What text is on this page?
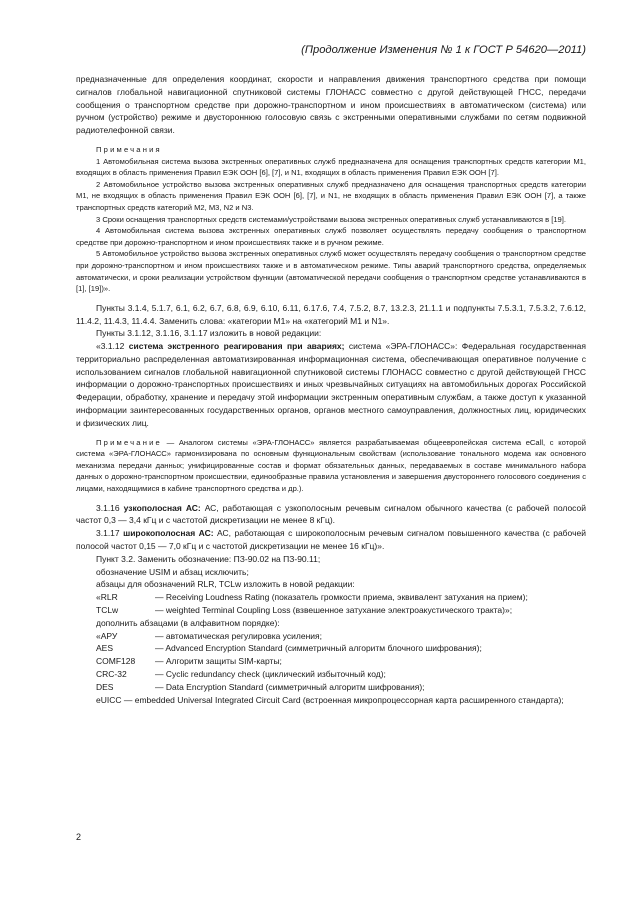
(Продолжение Изменения № 1 к ГОСТ Р 54620—2011)

предназначенные для определения координат, скорости и направления движения транспортного средства при помощи сигналов глобальной навигационной спутниковой системы ГЛОНАСС совместно с другой действующей ГНСС, передачи сообщения о транспортном средстве при дорожно-транспортном и ином происшествиях в автоматическом (система) или ручном (устройство) режиме и двустороннюю голосовую связь с экстренными оперативными службами по сетям подвижной радиотелефонной связи.

Примечания

1 Автомобильная система вызова экстренных оперативных служб предназначена для оснащения транспортных средств категории М1, входящих в область применения Правил ЕЭК ООН [6], [7], и N1, входящих в область применения Правил ЕЭК ООН [7].

2 Автомобильное устройство вызова экстренных оперативных служб предназначено для оснащения транспортных средств категории М1, не входящих в область применения Правил ЕЭК ООН [6], [7], и N1, не входящих в область применения Правил ЕЭК ООН [7], а также транспортных средств категорий М2, М3, N2 и N3.

3 Сроки оснащения транспортных средств системами/устройствами вызова экстренных оперативных служб устанавливаются в [19].

4 Автомобильная система вызова экстренных оперативных служб позволяет осуществлять передачу сообщения о транспортном средстве при дорожно-транспортном и ином происшествиях также и в ручном режиме.

5 Автомобильное устройство вызова экстренных оперативных служб может осуществлять передачу сообщения о транспортном средстве при дорожно-транспортном и ином происшествиях также и в автоматическом режиме. Типы аварий транспортного средства, определяемых автоматически, и сроки реализации устройством функции (автоматической передачи сообщения о транспортном средстве устанавливаются в [1], [19])».

Пункты 3.1.4, 5.1.7, 6.1, 6.2, 6.7, 6.8, 6.9, 6.10, 6.11, 6.17.6, 7.4, 7.5.2, 8.7, 13.2.3, 21.1.1 и подпункты 7.5.3.1, 7.5.3.2, 7.6.12, 11.4.2, 11.4.3, 11.4.4. Заменить слова: «категории М1» на «категорий М1 и N1».

Пункты 3.1.12, 3.1.16, 3.1.17 изложить в новой редакции:

«3.1.12 система экстренного реагирования при авариях; система «ЭРА-ГЛОНАСС»: Федеральная государственная территориально распределенная автоматизированная информационная система, обеспечивающая оперативное получение с использованием сигналов глобальной навигационной спутниковой системы ГЛОНАСС совместно с другой действующей ГНСС информации о дорожно-транспортных происшествиях и иных чрезвычайных ситуациях на автомобильных дорогах Российской Федерации, обработку, хранение и передачу этой информации экстренным оперативным службам, а также доступ к указанной информации заинтересованных государственных органов, органов местного самоуправления, должностных лиц, юридических и физических лиц.

Примечание — Аналогом системы «ЭРА-ГЛОНАСС» является разрабатываемая общеевропейская система eCall, с которой система «ЭРА-ГЛОНАСС» гармонизирована по основным функциональным свойствам (использование тонального модема как основного механизма передачи данных; унифицированные состав и формат обязательных данных, передаваемых в составе минимального набора данных о дорожно-транспортном происшествии, единообразные правила установления и завершения двустороннего голосового соединения с лицами, находящимися в кабине транспортного средства и др.).

3.1.16 узкополосная АС: АС, работающая с узкополосным речевым сигналом обычного качества (с рабочей полосой частот 0,3 — 3,4 кГц и с частотой дискретизации не менее 8 кГц).

3.1.17 широкополосная АС: АС, работающая с широкополосным речевым сигналом повышенного качества (с рабочей полосой частот 0,15 — 7,0 кГц и с частотой дискретизации не менее 16 кГц)».

Пункт 3.2. Заменить обозначение: ПЗ-90.02 на ПЗ-90.11;

обозначение USIM и абзац исключить;

абзацы для обозначений RLR, TCLw изложить в новой редакции:

«RLR	— Receiving Loudness Rating (показатель громкости приема, эквивалент затухания на прием);
TCLw	— weighted Terminal Coupling Loss (взвешенное затухание электроакустического тракта)»;

дополнить абзацами (в алфавитном порядке):

«АРУ	— автоматическая регулировка усиления;
AES	— Advanced Encryption Standard (симметричный алгоритм блочного шифрования);
COMF128	— Алгоритм защиты SIM-карты;
CRC-32	— Cyclic redundancy check (циклический избыточный код);
DES	— Data Encryption Standard (симметричный алгоритм шифрования);

eUICC — embedded Universal Integrated Circuit Card (встроенная микропроцессорная карта расширенного стандарта);

2
